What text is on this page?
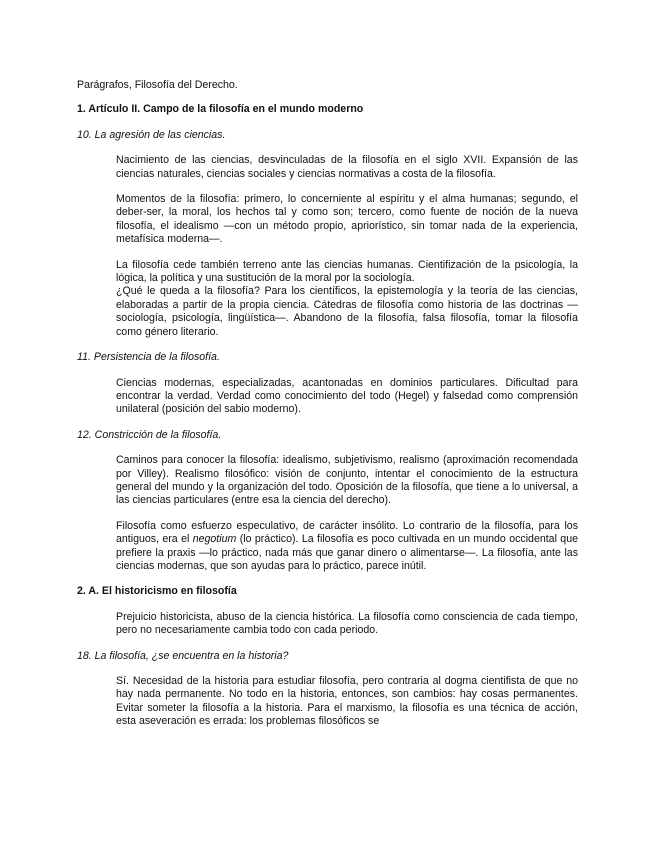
Parágrafos, Filosofía del Derecho.

1. Artículo II. Campo de la filosofía en el mundo moderno

10. La agresión de las ciencias.

Nacimiento de las ciencias, desvinculadas de la filosofía en el siglo XVII. Expansión de las ciencias naturales, ciencias sociales y ciencias normativas a costa de la filosofía.

Momentos de la filosofía: primero, lo concerniente al espíritu y el alma humanas; segundo, el deber-ser, la moral, los hechos tal y como son; tercero, como fuente de noción de la nueva filosofía, el idealismo —con un método propio, apriorístico, sin tomar nada de la experiencia, metafísica moderna—.

La filosofía cede también terreno ante las ciencias humanas. Cientifización de la psicología, la lógica, la política y una sustitución de la moral por la sociología.

¿Qué le queda a la filosofía? Para los científicos, la epistemología y la teoría de las ciencias, elaboradas a partir de la propia ciencia. Cátedras de filosofía como historia de las doctrinas —sociología, psicología, lingüística—. Abandono de la filosofía, falsa filosofía, tomar la filosofía como género literario.

11. Persistencia de la filosofía.

Ciencias modernas, especializadas, acantonadas en dominios particulares. Dificultad para encontrar la verdad. Verdad como conocimiento del todo (Hegel) y falsedad como comprensión unilateral (posición del sabio moderno).

12. Constricción de la filosofía.

Caminos para conocer la filosofía: idealismo, subjetivismo, realismo (aproximación recomendada por Villey). Realismo filosófico: visión de conjunto, intentar el conocimiento de la estructura general del mundo y la organización del todo. Oposición de la filosofía, que tiene a lo universal, a las ciencias particulares (entre esa la ciencia del derecho).

Filosofía como esfuerzo especulativo, de carácter insólito. Lo contrario de la filosofía, para los antiguos, era el negotium (lo práctico). La filosofía es poco cultivada en un mundo occidental que prefiere la praxis —lo práctico, nada más que ganar dinero o alimentarse—. La filosofía, ante las ciencias modernas, que son ayudas para lo práctico, parece inútil.

2. A. El historicismo en filosofía

Prejuicio historicista, abuso de la ciencia histórica. La filosofía como consciencia de cada tiempo, pero no necesariamente cambia todo con cada periodo.

18. La filosofía, ¿se encuentra en la historia?

Sí. Necesidad de la historia para estudiar filosofía, pero contraria al dogma cientifista de que no hay nada permanente. No todo en la historia, entonces, son cambios: hay cosas permanentes. Evitar someter la filosofía a la historia. Para el marxismo, la filosofía es una técnica de acción, esta aseveración es errada: los problemas filosóficos se
